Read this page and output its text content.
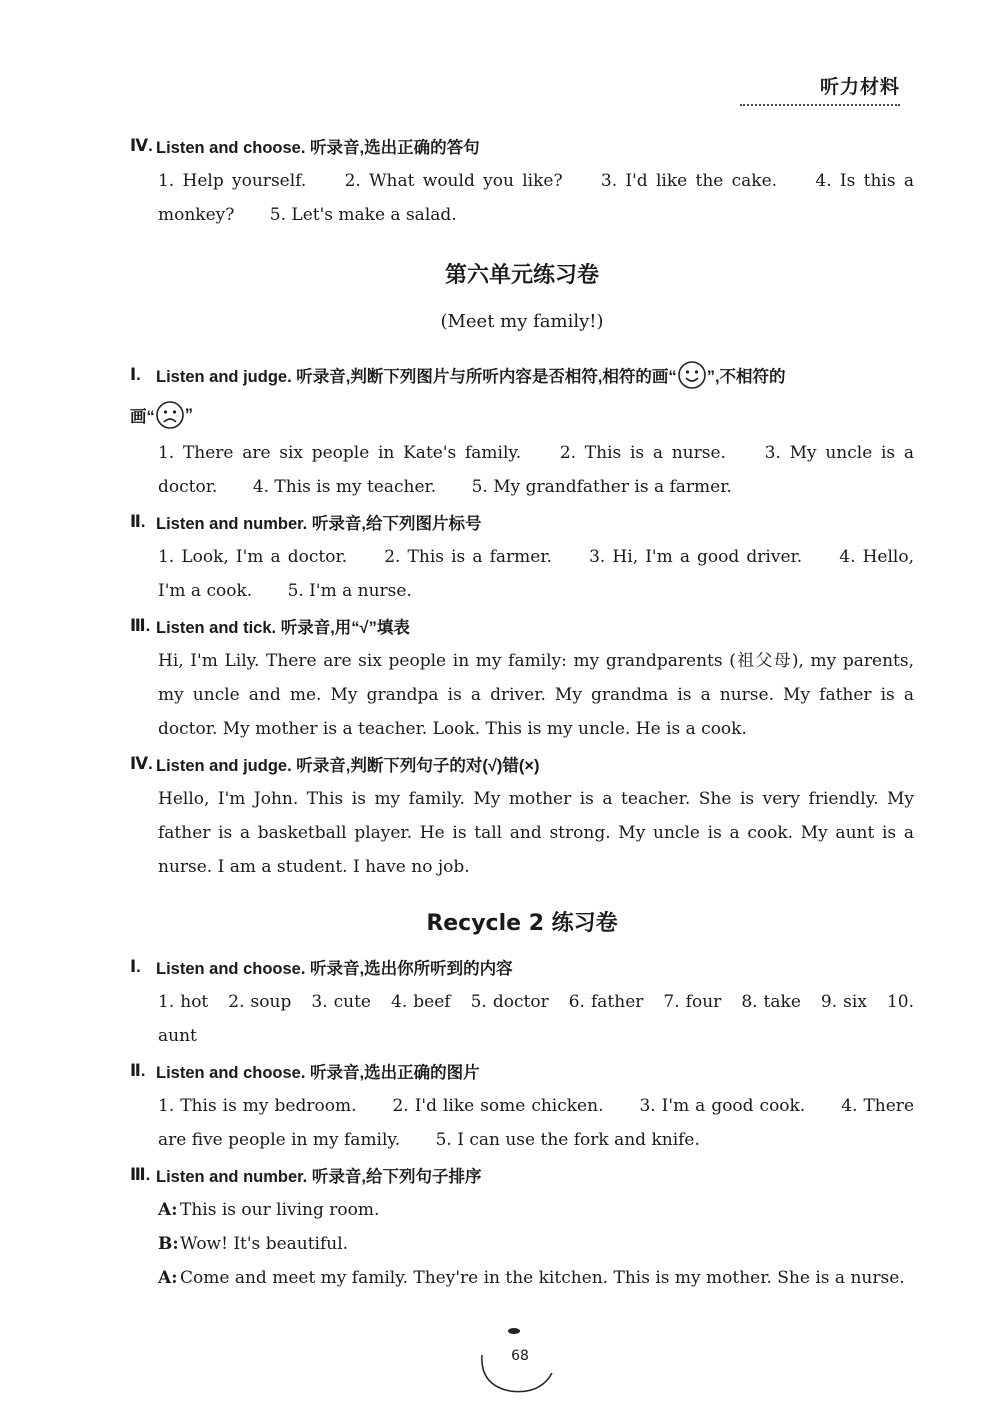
听力材料
Ⅳ. Listen and choose. 听录音,选出正确的答句
1. Help yourself. 2. What would you like? 3. I'd like the cake. 4. Is this a monkey? 5. Let's make a salad.
第六单元练习卷
(Meet my family!)
Ⅰ. Listen and judge. 听录音,判断下列图片与所听内容是否相符,相符的画“ ”,不相符的
画“ ”
1. There are six people in Kate's family. 2. This is a nurse. 3. My uncle is a doctor. 4. This is my teacher. 5. My grandfather is a farmer.
Ⅱ. Listen and number. 听录音,给下列图片标号
1. Look, I'm a doctor. 2. This is a farmer. 3. Hi, I'm a good driver. 4. Hello, I'm a cook. 5. I'm a nurse.
Ⅲ. Listen and tick. 听录音,用“√”填表
Hi, I'm Lily. There are six people in my family: my grandparents (祖父母), my parents, my uncle and me. My grandpa is a driver. My grandma is a nurse. My father is a doctor. My mother is a teacher. Look. This is my uncle. He is a cook.
Ⅳ. Listen and judge. 听录音,判断下列句子的对(√)错(×)
Hello, I'm John. This is my family. My mother is a teacher. She is very friendly. My father is a basketball player. He is tall and strong. My uncle is a cook. My aunt is a nurse. I am a student. I have no job.
Recycle 2 练习卷
Ⅰ. Listen and choose. 听录音,选出你所听到的内容
1. hot 2. soup 3. cute 4. beef 5. doctor 6. father 7. four 8. take 9. six 10. aunt
Ⅱ. Listen and choose. 听录音,选出正确的图片
1. This is my bedroom. 2. I'd like some chicken. 3. I'm a good cook. 4. There are five people in my family. 5. I can use the fork and knife.
Ⅲ. Listen and number. 听录音,给下列句子排序
A: This is our living room.
B: Wow! It's beautiful.
A: Come and meet my family. They're in the kitchen. This is my mother. She is a nurse.
68
